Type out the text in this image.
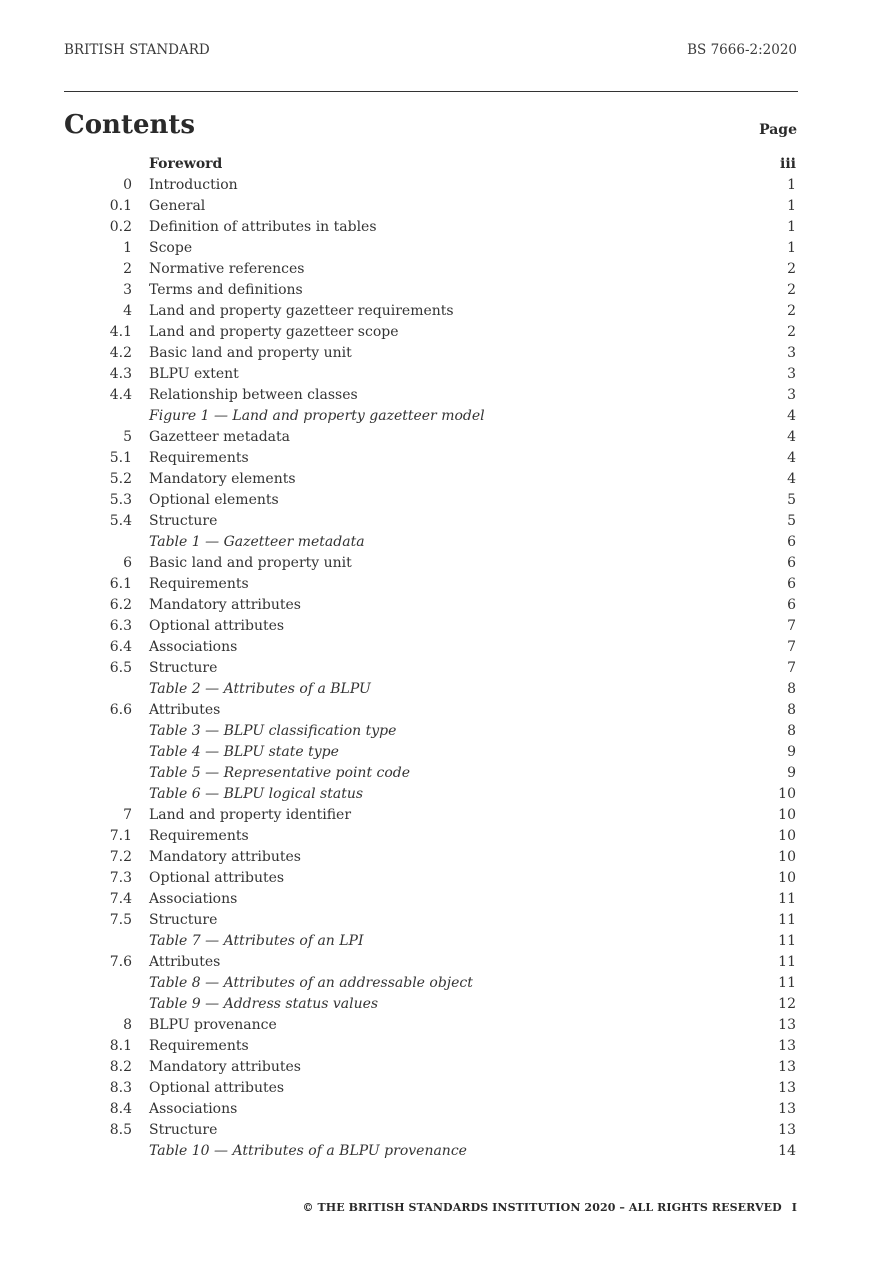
BRITISH STANDARD	BS 7666-2:2020
Contents	Page
Foreword	iii
0 Introduction	1
0.1 General	1
0.2 Definition of attributes in tables	1
1 Scope	1
2 Normative references	2
3 Terms and definitions	2
4 Land and property gazetteer requirements	2
4.1 Land and property gazetteer scope	2
4.2 Basic land and property unit	3
4.3 BLPU extent	3
4.4 Relationship between classes	3
Figure 1 — Land and property gazetteer model	4
5 Gazetteer metadata	4
5.1 Requirements	4
5.2 Mandatory elements	4
5.3 Optional elements	5
5.4 Structure	5
Table 1 — Gazetteer metadata	6
6 Basic land and property unit	6
6.1 Requirements	6
6.2 Mandatory attributes	6
6.3 Optional attributes	7
6.4 Associations	7
6.5 Structure	7
Table 2 — Attributes of a BLPU	8
6.6 Attributes	8
Table 3 — BLPU classification type	8
Table 4 — BLPU state type	9
Table 5 — Representative point code	9
Table 6 — BLPU logical status	10
7 Land and property identifier	10
7.1 Requirements	10
7.2 Mandatory attributes	10
7.3 Optional attributes	10
7.4 Associations	11
7.5 Structure	11
Table 7 — Attributes of an LPI	11
7.6 Attributes	11
Table 8 — Attributes of an addressable object	11
Table 9 — Address status values	12
8 BLPU provenance	13
8.1 Requirements	13
8.2 Mandatory attributes	13
8.3 Optional attributes	13
8.4 Associations	13
8.5 Structure	13
Table 10 — Attributes of a BLPU provenance	14
© THE BRITISH STANDARDS INSTITUTION 2020 – ALL RIGHTS RESERVED I
